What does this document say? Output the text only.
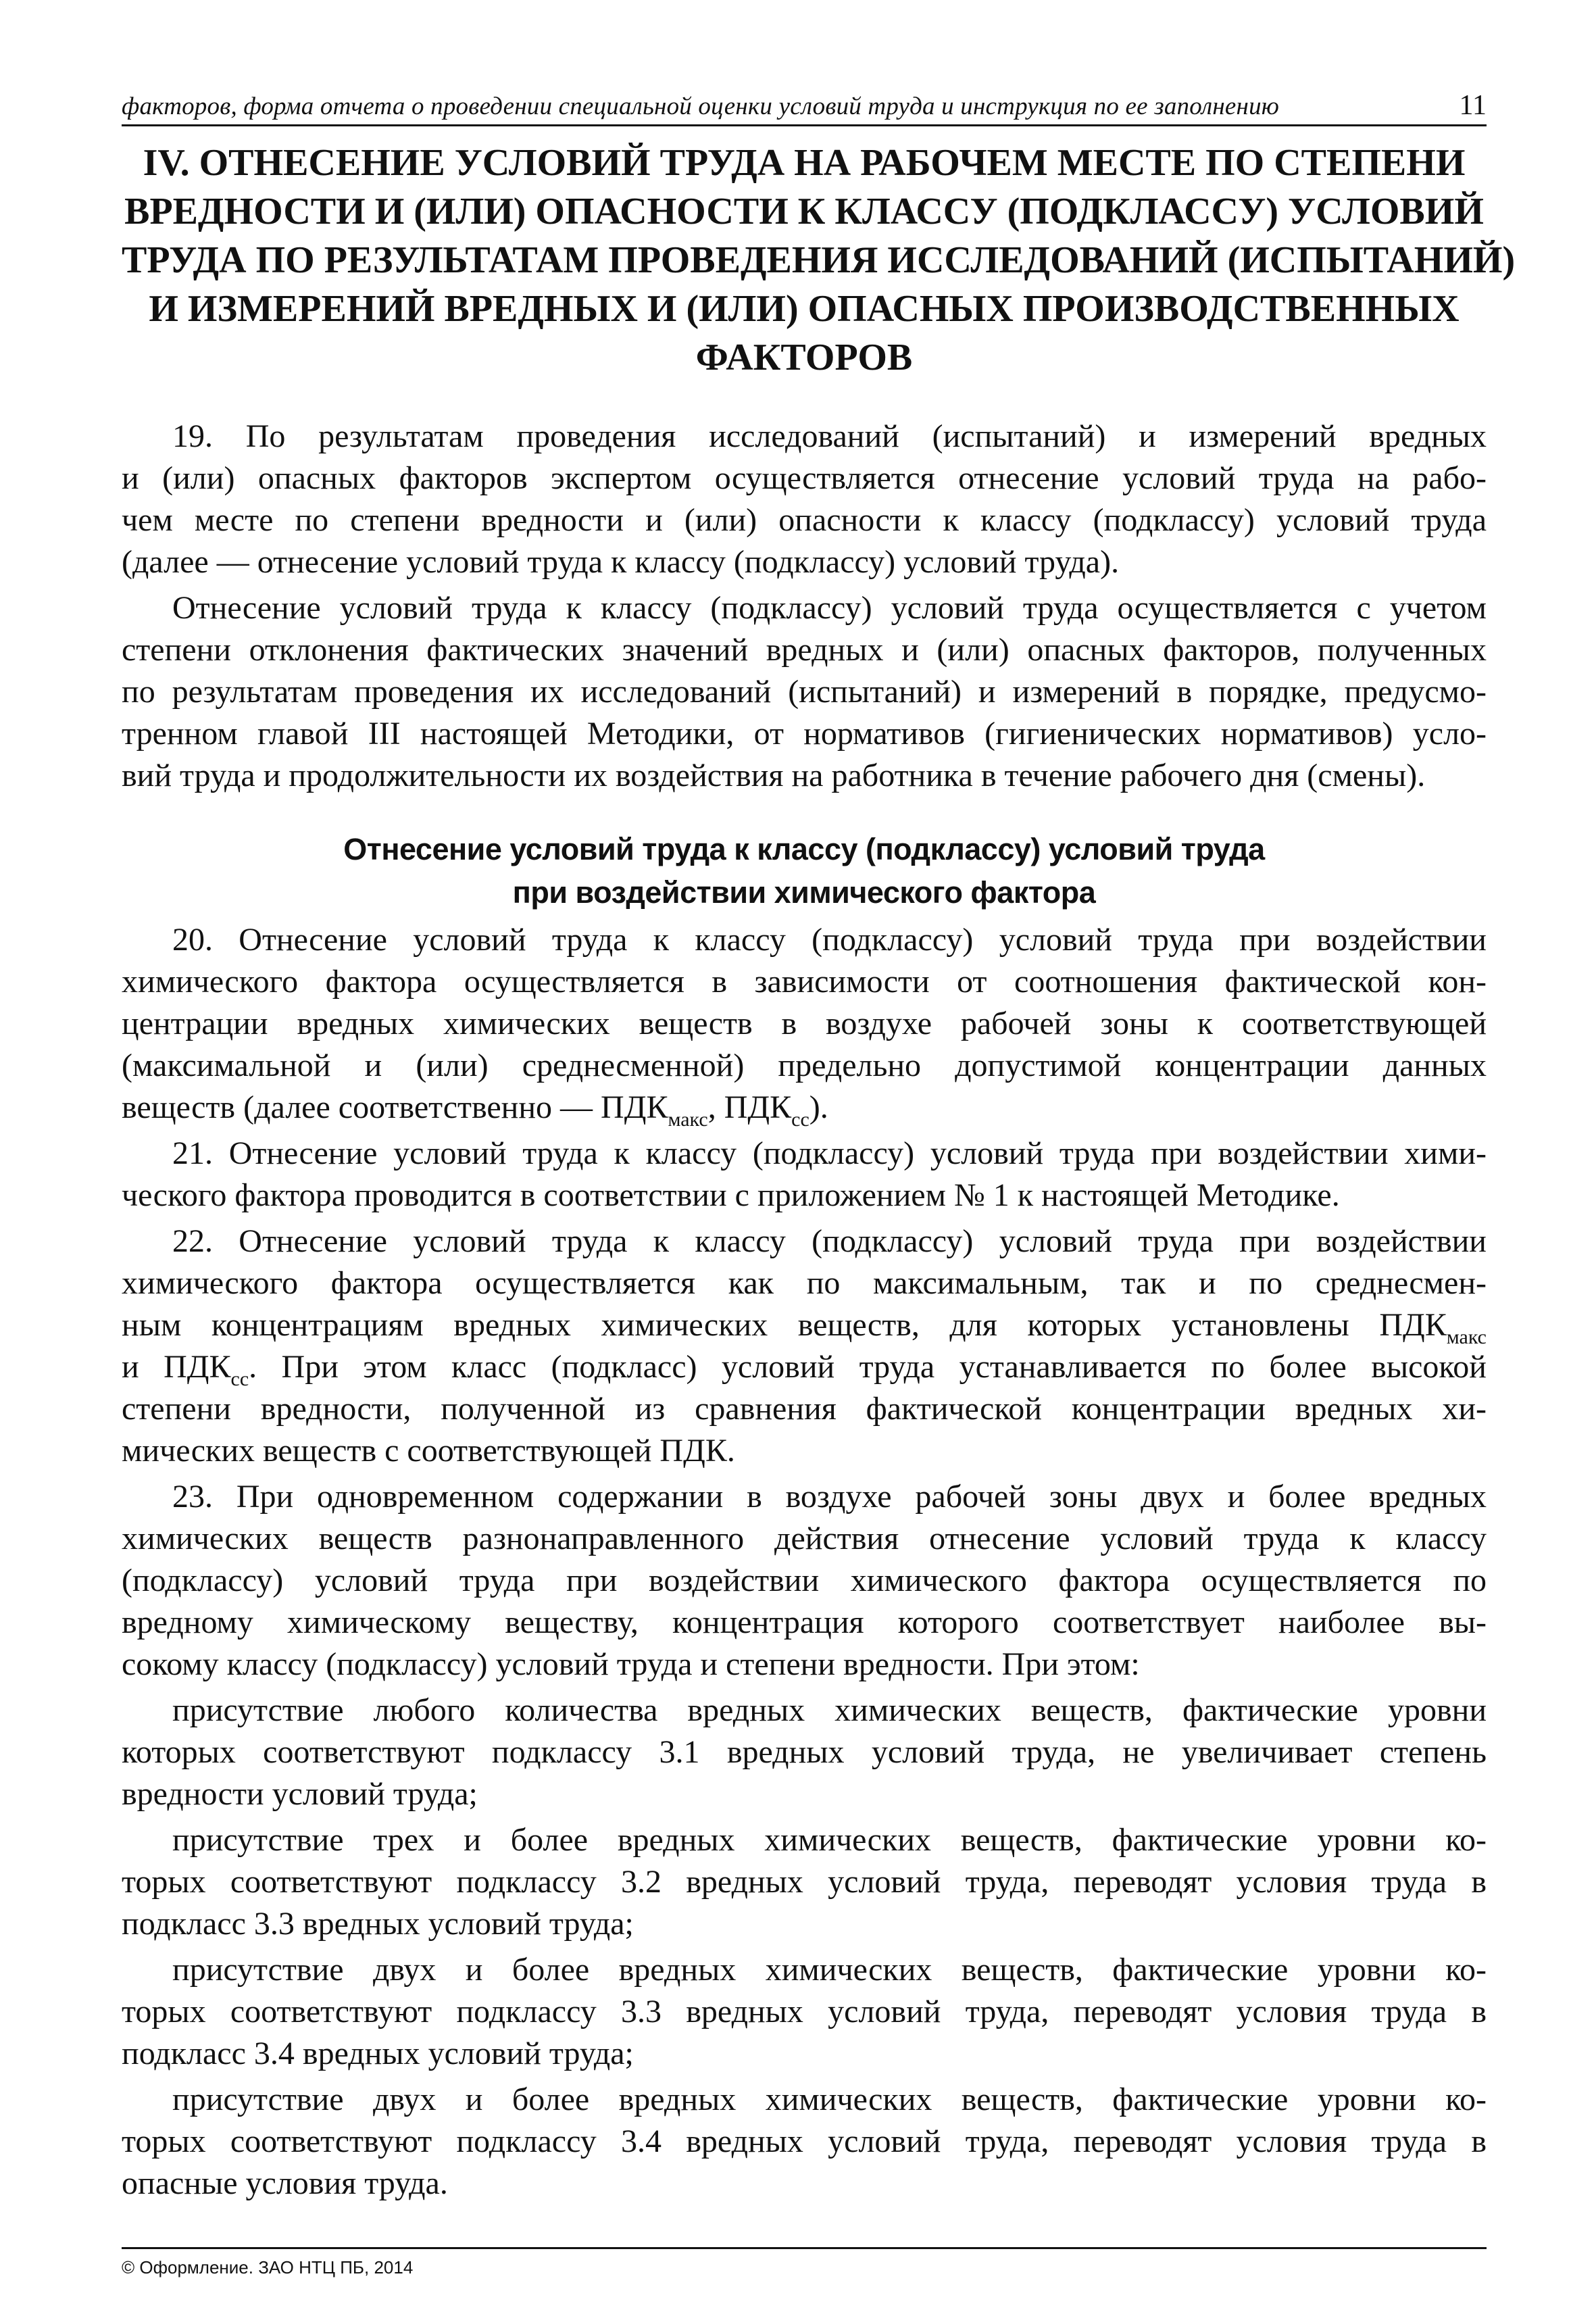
факторов, форма отчета о проведении специальной оценки условий труда и инструкция по ее заполнению	11
IV. ОТНЕСЕНИЕ УСЛОВИЙ ТРУДА НА РАБОЧЕМ МЕСТЕ ПО СТЕПЕНИ
ВРЕДНОСТИ И (ИЛИ) ОПАСНОСТИ К КЛАССУ (ПОДКЛАССУ) УСЛОВИЙ
ТРУДА ПО РЕЗУЛЬТАТАМ ПРОВЕДЕНИЯ ИССЛЕДОВАНИЙ (ИСПЫТАНИЙ)
И ИЗМЕРЕНИЙ ВРЕДНЫХ И (ИЛИ) ОПАСНЫХ ПРОИЗВОДСТВЕННЫХ
ФАКТОРОВ

19. По результатам проведения исследований (испытаний) и измерений вредных
и (или) опасных факторов экспертом осуществляется отнесение условий труда на рабо-
чем месте по степени вредности и (или) опасности к классу (подклассу) условий труда
(далее — отнесение условий труда к классу (подклассу) условий труда).

Отнесение условий труда к классу (подклассу) условий труда осуществляется с учетом
степени отклонения фактических значений вредных и (или) опасных факторов, полученных
по результатам проведения их исследований (испытаний) и измерений в порядке, предусмо-
тренном главой III настоящей Методики, от нормативов (гигиенических нормативов) усло-
вий труда и продолжительности их воздействия на работника в течение рабочего дня (смены).

Отнесение условий труда к классу (подклассу) условий труда
при воздействии химического фактора

20. Отнесение условий труда к классу (подклассу) условий труда при воздействии
химического фактора осуществляется в зависимости от соотношения фактической кон-
центрации вредных химических веществ в воздухе рабочей зоны к соответствующей
(максимальной и (или) среднесменной) предельно допустимой концентрации данных
веществ (далее соответственно — $ПДК_{макс}$, $ПДК_{сс}$).

21. Отнесение условий труда к классу (подклассу) условий труда при воздействии хими-
ческого фактора проводится в соответствии с приложением № 1 к настоящей Методике.

22. Отнесение условий труда к классу (подклассу) условий труда при воздействии
химического фактора осуществляется как по максимальным, так и по среднесмен-
ным концентрациям вредных химических веществ, для которых установлены $ПДК_{макс}$
и $ПДК_{сс}$. При этом класс (подкласс) условий труда устанавливается по более высокой
степени вредности, полученной из сравнения фактической концентрации вредных хи-
мических веществ с соответствующей ПДК.

23. При одновременном содержании в воздухе рабочей зоны двух и более вредных
химических веществ разнонаправленного действия отнесение условий труда к классу
(подклассу) условий труда при воздействии химического фактора осуществляется по
вредному химическому веществу, концентрация которого соответствует наиболее вы-
сокому классу (подклассу) условий труда и степени вредности. При этом:

присутствие любого количества вредных химических веществ, фактические уровни
которых соответствуют подклассу 3.1 вредных условий труда, не увеличивает степень
вредности условий труда;

присутствие трех и более вредных химических веществ, фактические уровни ко-
торых соответствуют подклассу 3.2 вредных условий труда, переводят условия труда в
подкласс 3.3 вредных условий труда;

присутствие двух и более вредных химических веществ, фактические уровни ко-
торых соответствуют подклассу 3.3 вредных условий труда, переводят условия труда в
подкласс 3.4 вредных условий труда;

присутствие двух и более вредных химических веществ, фактические уровни ко-
торых соответствуют подклассу 3.4 вредных условий труда, переводят условия труда в
опасные условия труда.

© Оформление. ЗАО НТЦ ПБ, 2014
